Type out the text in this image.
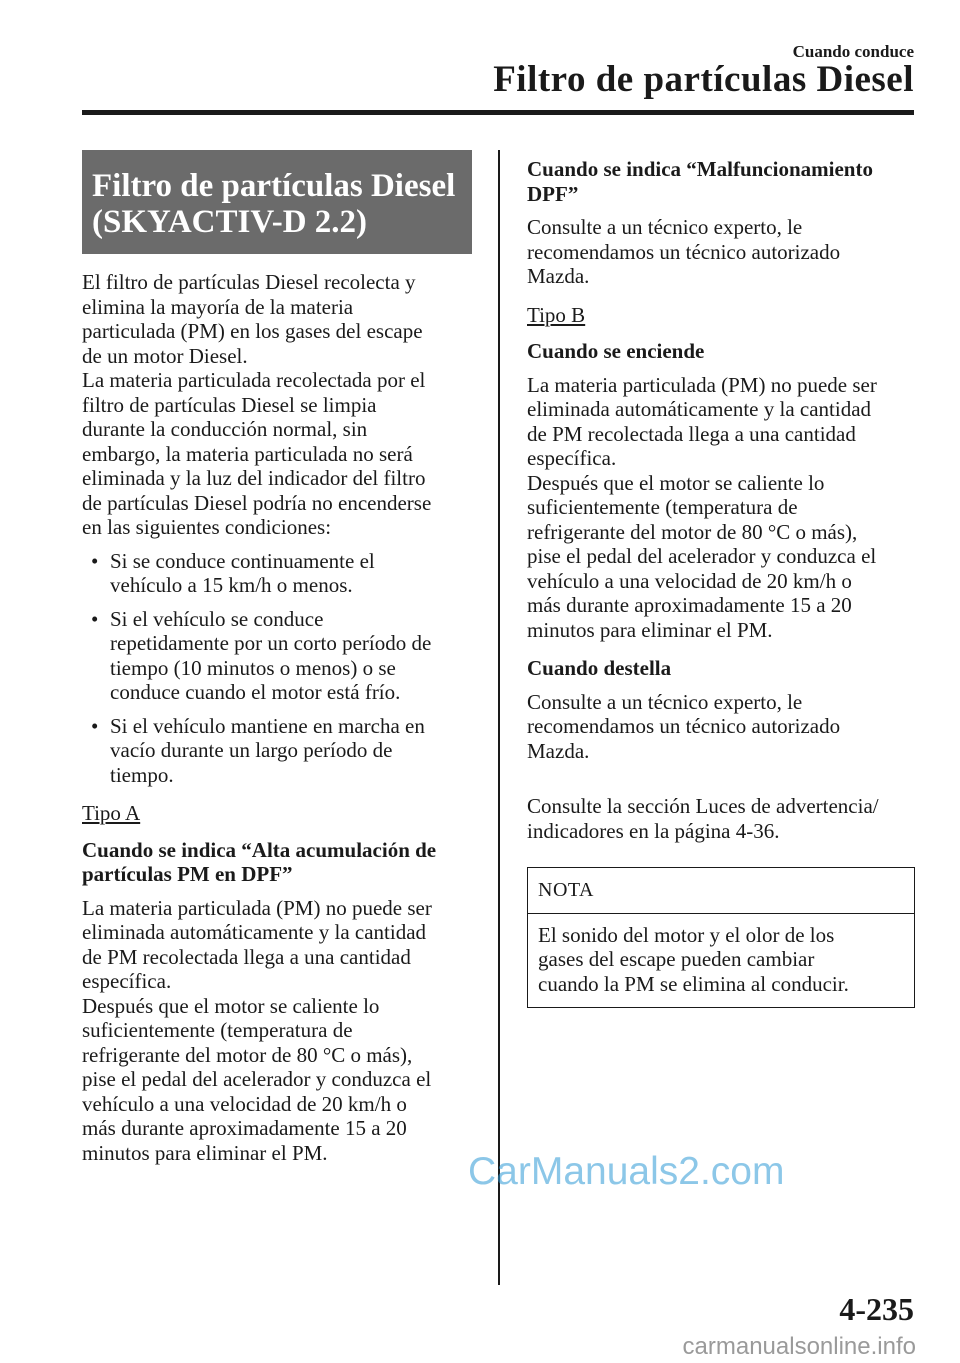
Cuando conduce
Filtro de partículas Diesel
Filtro de partículas Diesel
(SKYACTIV-D 2.2)
El filtro de partículas Diesel recolecta y
elimina la mayoría de la materia
particulada (PM) en los gases del escape
de un motor Diesel.
La materia particulada recolectada por el
filtro de partículas Diesel se limpia
durante la conducción normal, sin
embargo, la materia particulada no será
eliminada y la luz del indicador del filtro
de partículas Diesel podría no encenderse
en las siguientes condiciones:
• Si se conduce continuamente el
vehículo a 15 km/h o menos.
• Si el vehículo se conduce
repetidamente por un corto período de
tiempo (10 minutos o menos) o se
conduce cuando el motor está frío.
• Si el vehículo mantiene en marcha en
vacío durante un largo período de
tiempo.

Tipo A

Cuando se indica “Alta acumulación de
partículas PM en DPF”
La materia particulada (PM) no puede ser
eliminada automáticamente y la cantidad
de PM recolectada llega a una cantidad
específica.
Después que el motor se caliente lo
suficientemente (temperatura de
refrigerante del motor de 80 °C o más),
pise el pedal del acelerador y conduzca el
vehículo a una velocidad de 20 km/h o
más durante aproximadamente 15 a 20
minutos para eliminar el PM.
Cuando se indica “Malfuncionamiento
DPF”
Consulte a un técnico experto, le
recomendamos un técnico autorizado
Mazda.

Tipo B

Cuando se enciende
La materia particulada (PM) no puede ser
eliminada automáticamente y la cantidad
de PM recolectada llega a una cantidad
específica.
Después que el motor se caliente lo
suficientemente (temperatura de
refrigerante del motor de 80 °C o más),
pise el pedal del acelerador y conduzca el
vehículo a una velocidad de 20 km/h o
más durante aproximadamente 15 a 20
minutos para eliminar el PM.
Cuando destella
Consulte a un técnico experto, le
recomendamos un técnico autorizado
Mazda.
Consulte la sección Luces de advertencia/
indicadores en la página 4-36.
NOTA
El sonido del motor y el olor de los
gases del escape pueden cambiar
cuando la PM se elimina al conducir.
CarManuals2.com
4-235
carmanualsonline.info
